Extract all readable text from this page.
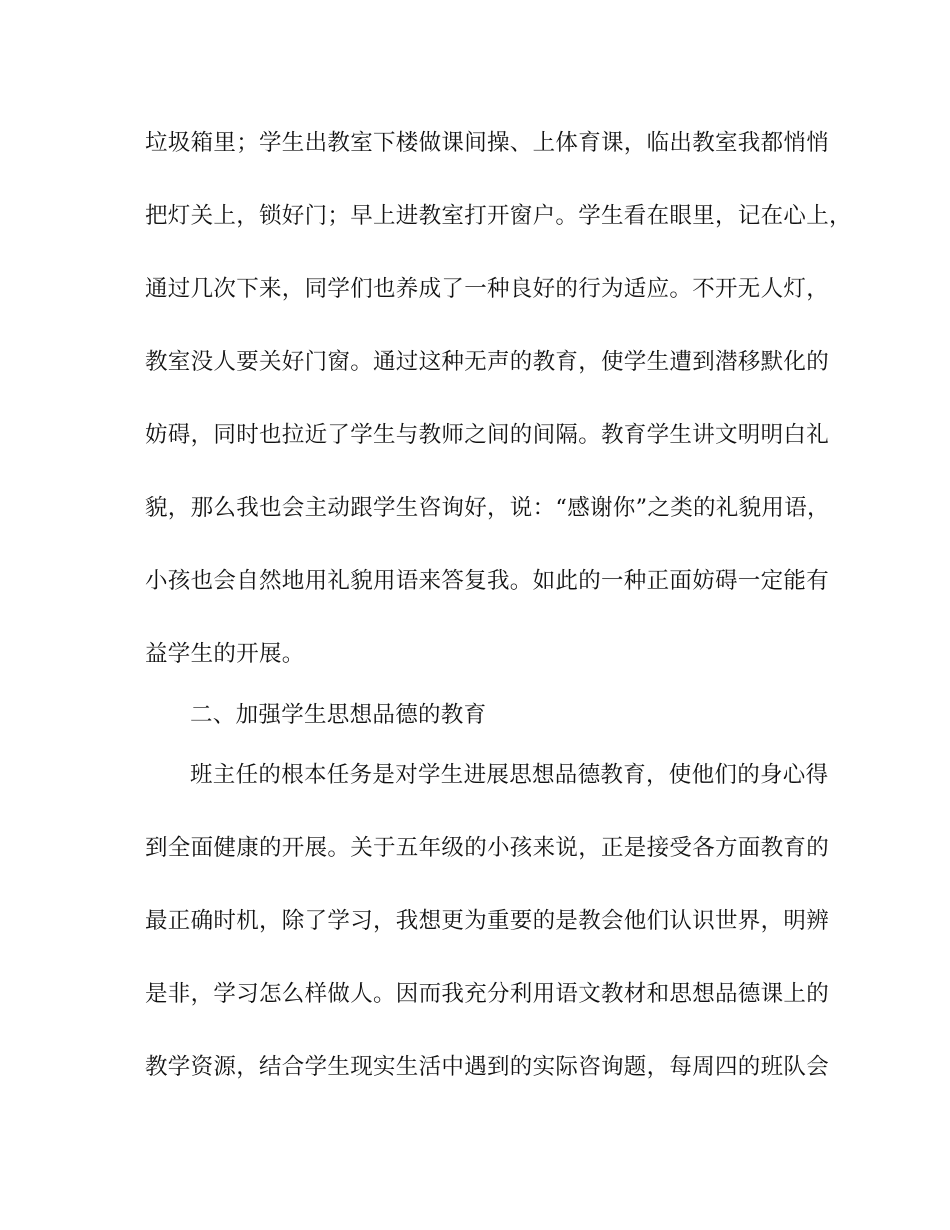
垃圾箱里；学生出教室下楼做课间操、上体育课，临出教室我都悄悄
把灯关上，锁好门；早上进教室打开窗户。学生看在眼里，记在心上，
通过几次下来，同学们也养成了一种良好的行为适应。不开无人灯，
教室没人要关好门窗。通过这种无声的教育，使学生遭到潜移默化的
妨碍，同时也拉近了学生与教师之间的间隔。教育学生讲文明明白礼
貌，那么我也会主动跟学生咨询好，说：“感谢你”之类的礼貌用语，
小孩也会自然地用礼貌用语来答复我。如此的一种正面妨碍一定能有
益学生的开展。
二、加强学生思想品德的教育
班主任的根本任务是对学生进展思想品德教育，使他们的身心得
到全面健康的开展。关于五年级的小孩来说，正是接受各方面教育的
最正确时机，除了学习，我想更为重要的是教会他们认识世界，明辨
是非，学习怎么样做人。因而我充分利用语文教材和思想品德课上的
教学资源，结合学生现实生活中遇到的实际咨询题，每周四的班队会
